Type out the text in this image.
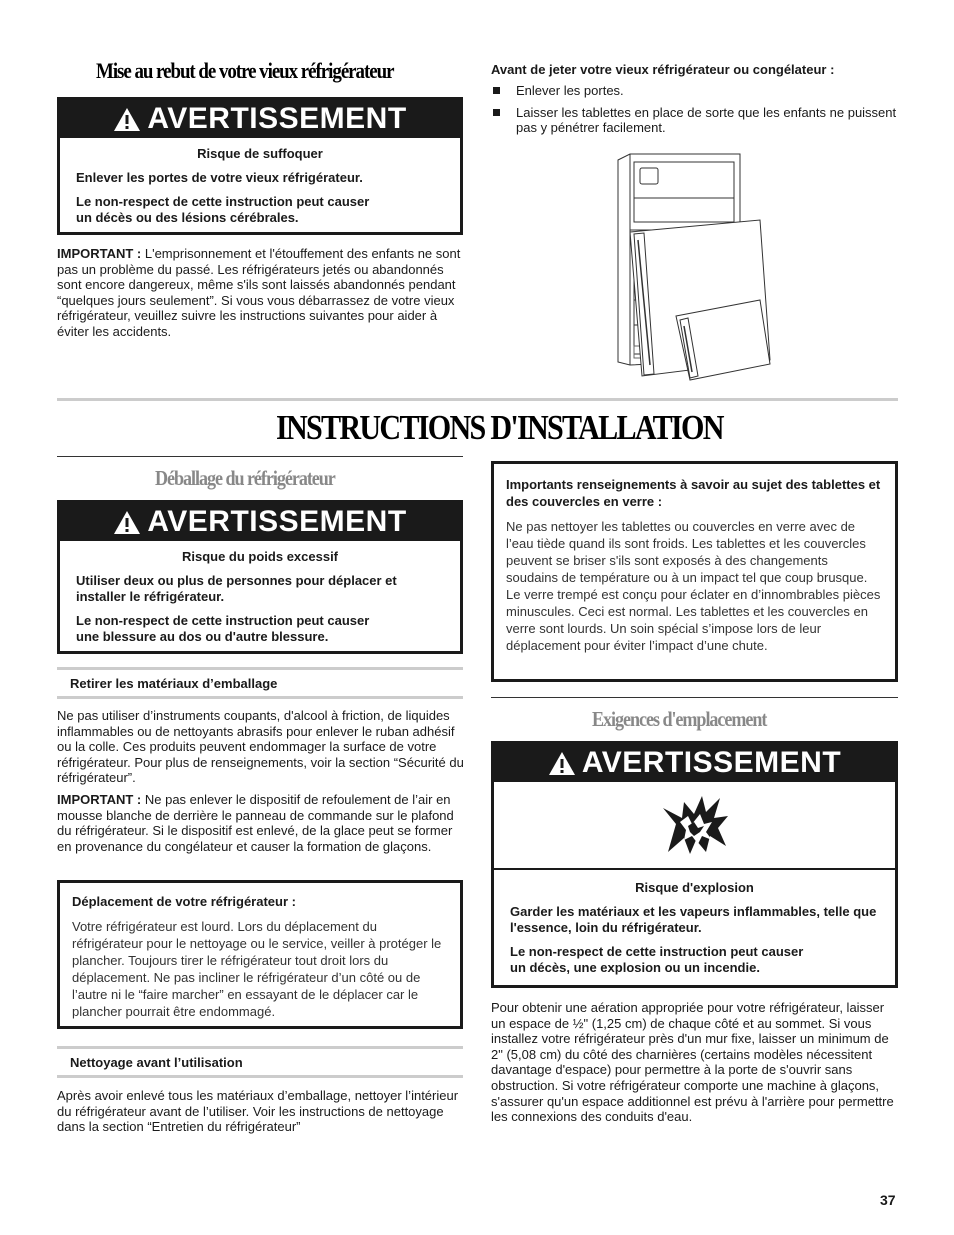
Mise au rebut de votre vieux réfrigérateur
AVERTISSEMENT

Risque de suffoquer

Enlever les portes de votre vieux réfrigérateur.

Le non-respect de cette instruction peut causer
un décès ou des lésions cérébrales.

IMPORTANT : L'emprisonnement et l'étouffement des enfants ne sont pas un problème du passé. Les réfrigérateurs jetés ou abandonnés sont encore dangereux, même s'ils sont laissés abandonnés pendant “quelques jours seulement”. Si vous vous débarrassez de votre vieux réfrigérateur, veuillez suivre les instructions suivantes pour aider à éviter les accidents.
Avant de jeter votre vieux réfrigérateur ou congélateur :
Enlever les portes.
Laisser les tablettes en place de sorte que les enfants ne puissent pas y pénétrer facilement.
INSTRUCTIONS D'INSTALLATION
Déballage du réfrigérateur
AVERTISSEMENT

Risque du poids excessif

Utiliser deux ou plus de personnes pour déplacer et installer le réfrigérateur.

Le non-respect de cette instruction peut causer
une blessure au dos ou d'autre blessure.

Retirer les matériaux d’emballage

Ne pas utiliser d’instruments coupants, d'alcool à friction, de liquides inflammables ou de nettoyants abrasifs pour enlever le ruban adhésif ou la colle. Ces produits peuvent endommager la surface de votre réfrigérateur. Pour plus de renseignements, voir la section “Sécurité du réfrigérateur”.

IMPORTANT : Ne pas enlever le dispositif de refoulement de l’air en mousse blanche de derrière le panneau de commande sur le plafond du réfrigérateur. Si le dispositif est enlevé, de la glace peut se former en provenance du congélateur et causer la formation de glaçons.

Déplacement de votre réfrigérateur :
Votre réfrigérateur est lourd. Lors du déplacement du réfrigérateur pour le nettoyage ou le service, veiller à protéger le plancher. Toujours tirer le réfrigérateur tout droit lors du déplacement. Ne pas incliner le réfrigérateur d’un côté ou de l’autre ni le “faire marcher” en essayant de le déplacer car le plancher pourrait être endommagé.
Nettoyage avant l’utilisation
Après avoir enlevé tous les matériaux d’emballage, nettoyer l’intérieur du réfrigérateur avant de l’utiliser. Voir les instructions de nettoyage dans la section “Entretien du réfrigérateur”
Importants renseignements à savoir au sujet des tablettes et des couvercles en verre :
Ne pas nettoyer les tablettes ou couvercles en verre avec de l’eau tiède quand ils sont froids. Les tablettes et les couvercles peuvent se briser s'ils sont exposés à des changements soudains de température ou à un impact tel que coup brusque. Le verre trempé est conçu pour éclater en d’innombrables pièces minuscules. Ceci est normal. Les tablettes et les couvercles en verre sont lourds. Un soin spécial s’impose lors de leur déplacement pour éviter l’impact d’une chute.
Exigences d'emplacement
AVERTISSEMENT

Risque d'explosion

Garder les matériaux et les vapeurs inflammables, telle que l'essence, loin du réfrigérateur.

Le non-respect de cette instruction peut causer
un décès, une explosion ou un incendie.

Pour obtenir une aération appropriée pour votre réfrigérateur, laisser un espace de ½" (1,25 cm) de chaque côté et au sommet. Si vous installez votre réfrigérateur près d'un mur fixe, laisser un minimum de 2" (5,08 cm) du côté des charnières (certains modèles nécessitent davantage d'espace) pour permettre à la porte de s'ouvrir sans obstruction. Si votre réfrigérateur comporte une machine à glaçons, s'assurer qu'un espace additionnel est prévu à l'arrière pour permettre les connexions des conduits d'eau.
37
